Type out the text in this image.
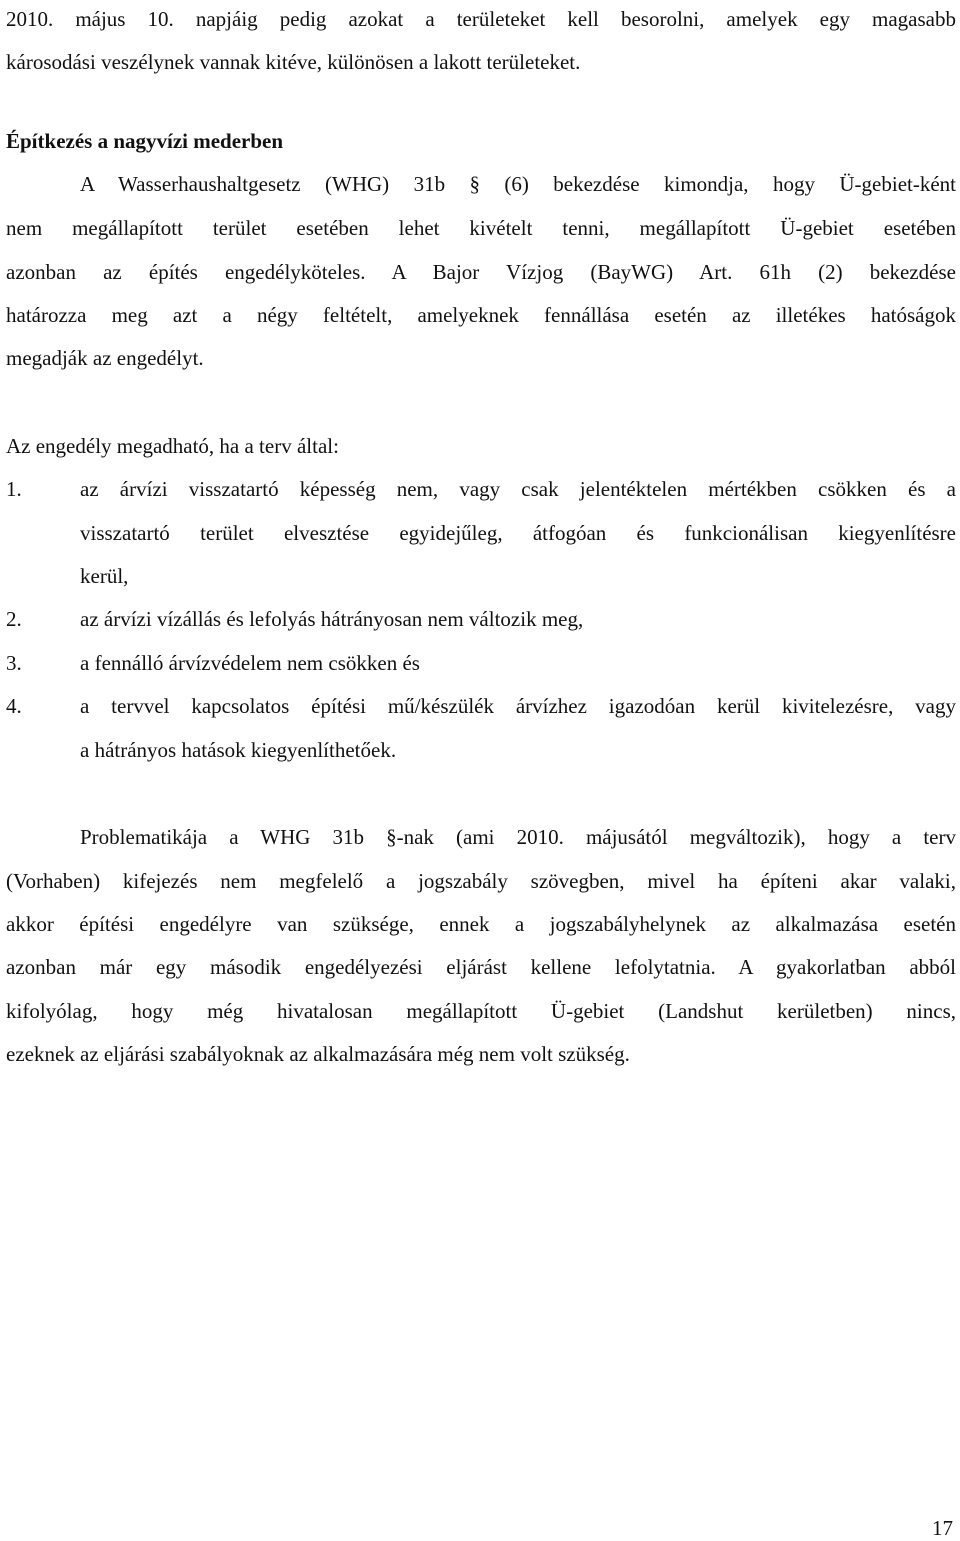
2010. május 10. napjáig pedig azokat a területeket kell besorolni, amelyek egy magasabb
károsodási veszélynek vannak kitéve, különösen a lakott területeket.
Építkezés a nagyvízi mederben
A Wasserhaushaltgesetz (WHG) 31b § (6) bekezdése kimondja, hogy Ü-gebiet-ként
nem megállapított terület esetében lehet kivételt tenni, megállapított Ü-gebiet esetében
azonban az építés engedélyköteles. A Bajor Vízjog (BayWG) Art. 61h (2) bekezdése
határozza meg azt a négy feltételt, amelyeknek fennállása esetén az illetékes hatóságok
megadják az engedélyt.
Az engedély megadható, ha a terv által:
1.	az árvízi visszatartó képesség nem, vagy csak jelentéktelen mértékben csökken és a
visszatartó terület elvesztése egyidejűleg, átfogóan és funkcionálisan kiegyenlítésre
kerül,
2.	az árvízi vízállás és lefolyás hátrányosan nem változik meg,
3.	a fennálló árvízvédelem nem csökken és
4.	a tervvel kapcsolatos építési mű/készülék árvízhez igazodóan kerül kivitelezésre, vagy
a hátrányos hatások kiegyenlíthetőek.
Problematikája a WHG 31b §-nak (ami 2010. májusától megváltozik), hogy a terv
(Vorhaben) kifejezés nem megfelelő a jogszabály szövegben, mivel ha építeni akar valaki,
akkor építési engedélyre van szüksége, ennek a jogszabályhelynek az alkalmazása esetén
azonban már egy második engedélyezési eljárást kellene lefolytatnia. A gyakorlatban abból
kifolyólag, hogy még hivatalosan megállapított Ü-gebiet (Landshut kerületben) nincs,
ezeknek az eljárási szabályoknak az alkalmazására még nem volt szükség.
17
